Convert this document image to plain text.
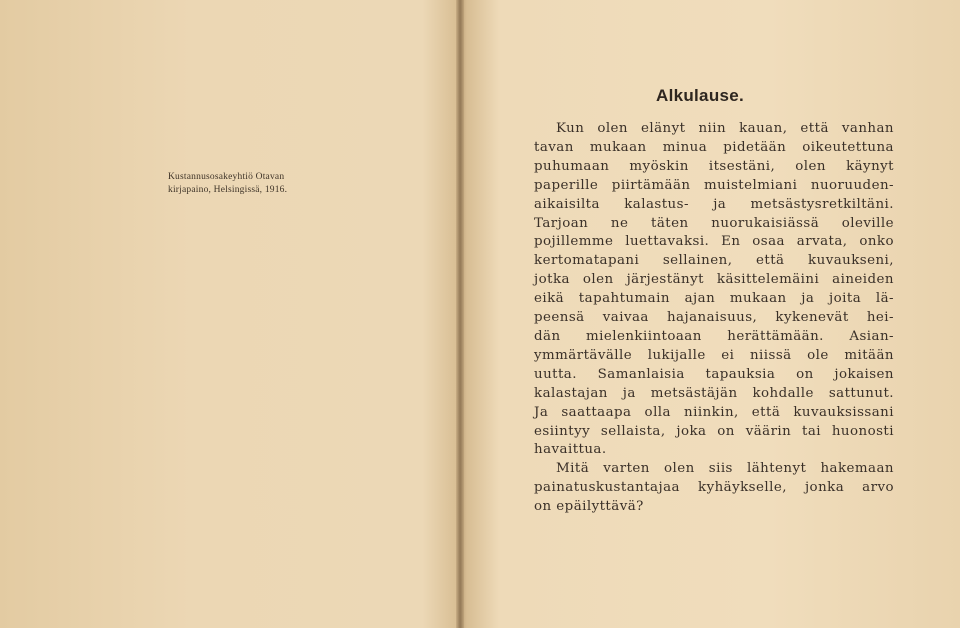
Kustannusosakeyhtiö Otavan
kirjapaino, Helsingissä, 1916.
Alkulause.
Kun olen elänyt niin kauan, että vanhan
tavan mukaan minua pidetään oikeutettuna
puhumaan myöskin itsestäni, olen käynyt
paperille piirtämään muistelmiani nuoruuden-
aikaisilta kalastus- ja metsästysretkiltäni.
Tarjoan ne täten nuorukaisiässä oleville
pojillemme luettavaksi. En osaa arvata, onko
kertomatapani sellainen, että kuvaukseni,
jotka olen järjestänyt käsittelemäini aineiden
eikä tapahtumain ajan mukaan ja joita lä-
peensä vaivaa hajanaisuus, kykenevät hei-
dän mielenkiintoaan herättämään. Asian-
ymmärtävälle lukijalle ei niissä ole mitään
uutta. Samanlaisia tapauksia on jokaisen
kalastajan ja metsästäjän kohdalle sattunut.
Ja saattaapa olla niinkin, että kuvauksissani
esiintyy sellaista, joka on väärin tai huonosti
havaittua.
Mitä varten olen siis lähtenyt hakemaan
painatuskustantajaa kyhäykselle, jonka arvo
on epäilyttävä?
